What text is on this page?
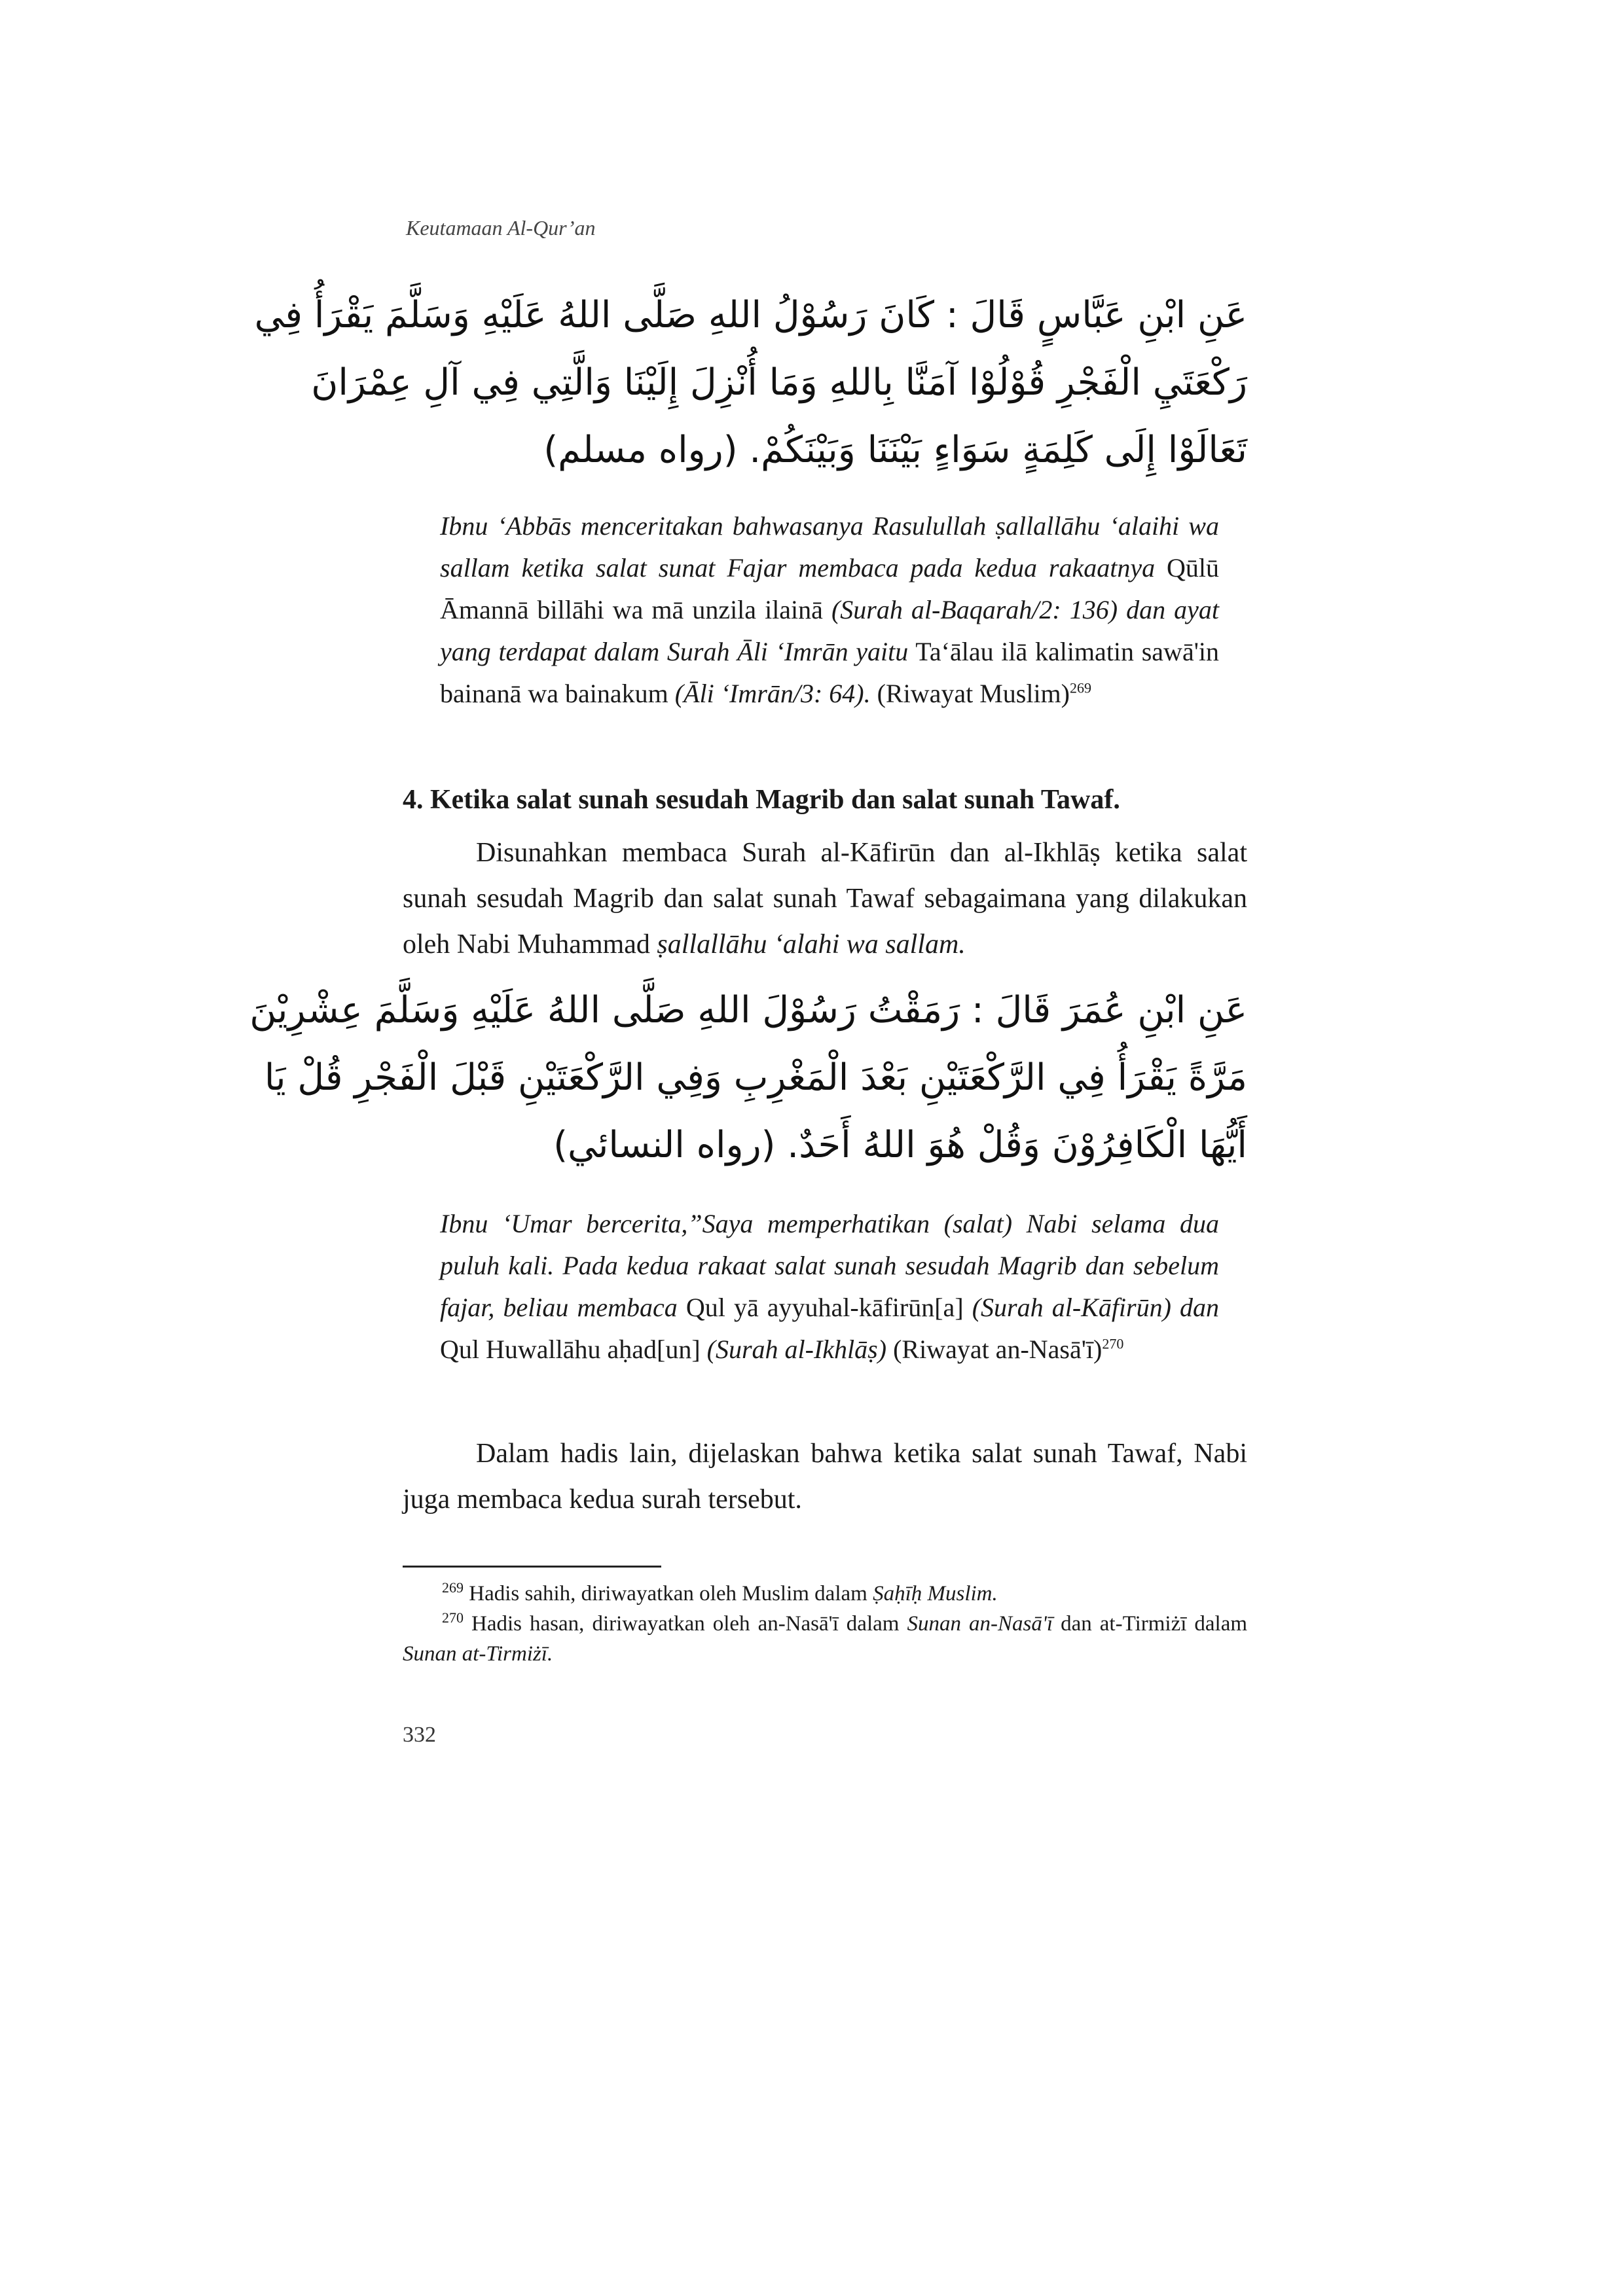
Keutamaan Al-Qur’an
عَنِ ابْنِ عَبَّاسٍ قَالَ : كَانَ رَسُوْلُ اللهِ صَلَّى اللهُ عَلَيْهِ وَسَلَّمَ يَقْرَأُ فِي
رَكْعَتَيِ الْفَجْرِ قُوْلُوْا آمَنَّا بِاللهِ وَمَا أُنْزِلَ إِلَيْنَا وَالَّتِي فِي آلِ عِمْرَانَ
تَعَالَوْا إِلَى كَلِمَةٍ سَوَاءٍ بَيْنَنَا وَبَيْنَكُمْ. (رواه مسلم)
Ibnu ‘Abbās menceritakan bahwasanya Rasulullah ṣallallāhu ‘alaihi wa sallam ketika salat sunat Fajar membaca pada kedua rakaatnya Qūlū Āmannā billāhi wa mā unzila ilainā (Surah al-Baqarah/2: 136) dan ayat yang terdapat dalam Surah Āli ‘Imrān yaitu Ta‘ālau ilā kalimatin sawā'in bainanā wa bainakum (Āli ‘Imrān/3: 64). (Riwayat Muslim)$^{269}$
4. Ketika salat sunah sesudah Magrib dan salat sunah Tawaf.
Disunahkan membaca Surah al-Kāfirūn dan al-Ikhlāṣ ketika salat sunah sesudah Magrib dan salat sunah Tawaf sebagaimana yang dilakukan oleh Nabi Muhammad ṣallallāhu ‘alahi wa sallam.
عَنِ ابْنِ عُمَرَ قَالَ : رَمَقْتُ رَسُوْلَ اللهِ صَلَّى اللهُ عَلَيْهِ وَسَلَّمَ عِشْرِيْنَ
مَرَّةً يَقْرَأُ فِي الرَّكْعَتَيْنِ بَعْدَ الْمَغْرِبِ وَفِي الرَّكْعَتَيْنِ قَبْلَ الْفَجْرِ قُلْ يَا
أَيُّهَا الْكَافِرُوْنَ وَقُلْ هُوَ اللهُ أَحَدٌ. (رواه النسائي)
Ibnu ‘Umar bercerita,”Saya memperhatikan (salat) Nabi selama dua puluh kali. Pada kedua rakaat salat sunah sesudah Magrib dan sebelum fajar, beliau membaca Qul yā ayyuhal-kāfirūn[a] (Surah al-Kāfirūn) dan Qul Huwallāhu aḥad[un] (Surah al-Ikhlāṣ) (Riwayat an-Nasā'ī)$^{270}$
Dalam hadis lain, dijelaskan bahwa ketika salat sunah Tawaf, Nabi juga membaca kedua surah tersebut.

$^{269}$ Hadis sahih, diriwayatkan oleh Muslim dalam Ṣaḥīḥ Muslim.

$^{270}$ Hadis hasan, diriwayatkan oleh an-Nasā'ī dalam Sunan an-Nasā'ī dan at-Tirmiżī dalam Sunan at-Tirmiżī.

332
